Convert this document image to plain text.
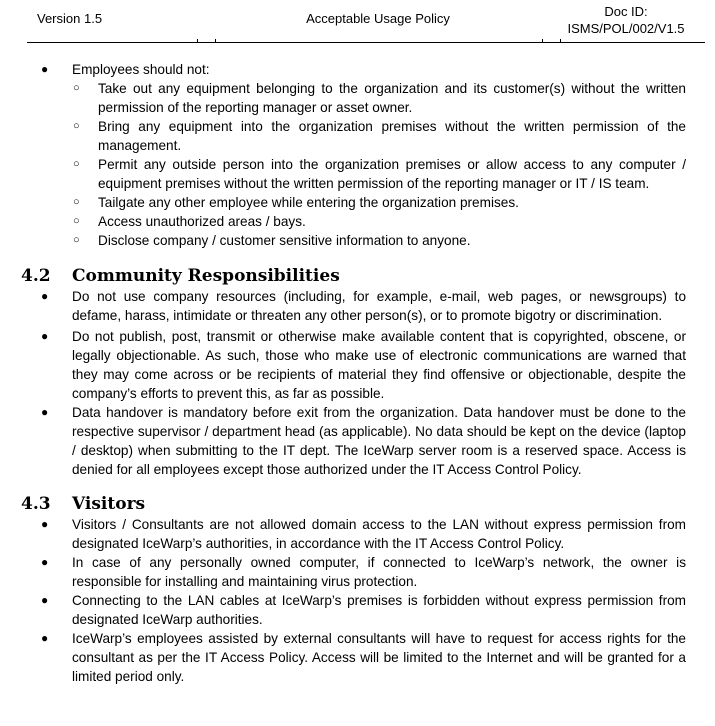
Version 1.5	Acceptable Usage Policy	Doc ID:
ISMS/POL/002/V1.5
● Employees should not:
○ Take out any equipment belonging to the organization and its customer(s) without the written permission of the reporting manager or asset owner.
○ Bring any equipment into the organization premises without the written permission of the management.
○ Permit any outside person into the organization premises or allow access to any computer / equipment premises without the written permission of the reporting manager or IT / IS team.
○ Tailgate any other employee while entering the organization premises.
○ Access unauthorized areas / bays.
○ Disclose company / customer sensitive information to anyone.
4.2 Community Responsibilities
● Do not use company resources (including, for example, e-mail, web pages, or newsgroups) to defame, harass, intimidate or threaten any other person(s), or to promote bigotry or discrimination.
● Do not publish, post, transmit or otherwise make available content that is copyrighted, obscene, or legally objectionable. As such, those who make use of electronic communications are warned that they may come across or be recipients of material they find offensive or objectionable, despite the company’s efforts to prevent this, as far as possible.
● Data handover is mandatory before exit from the organization. Data handover must be done to the respective supervisor / department head (as applicable). No data should be kept on the device (laptop / desktop) when submitting to the IT dept. The IceWarp server room is a reserved space. Access is denied for all employees except those authorized under the IT Access Control Policy.
4.3 Visitors
● Visitors / Consultants are not allowed domain access to the LAN without express permission from designated IceWarp’s authorities, in accordance with the IT Access Control Policy.
● In case of any personally owned computer, if connected to IceWarp’s network, the owner is responsible for installing and maintaining virus protection.
● Connecting to the LAN cables at IceWarp’s premises is forbidden without express permission from designated IceWarp authorities.
● IceWarp’s employees assisted by external consultants will have to request for access rights for the consultant as per the IT Access Policy. Access will be limited to the Internet and will be granted for a limited period only.
